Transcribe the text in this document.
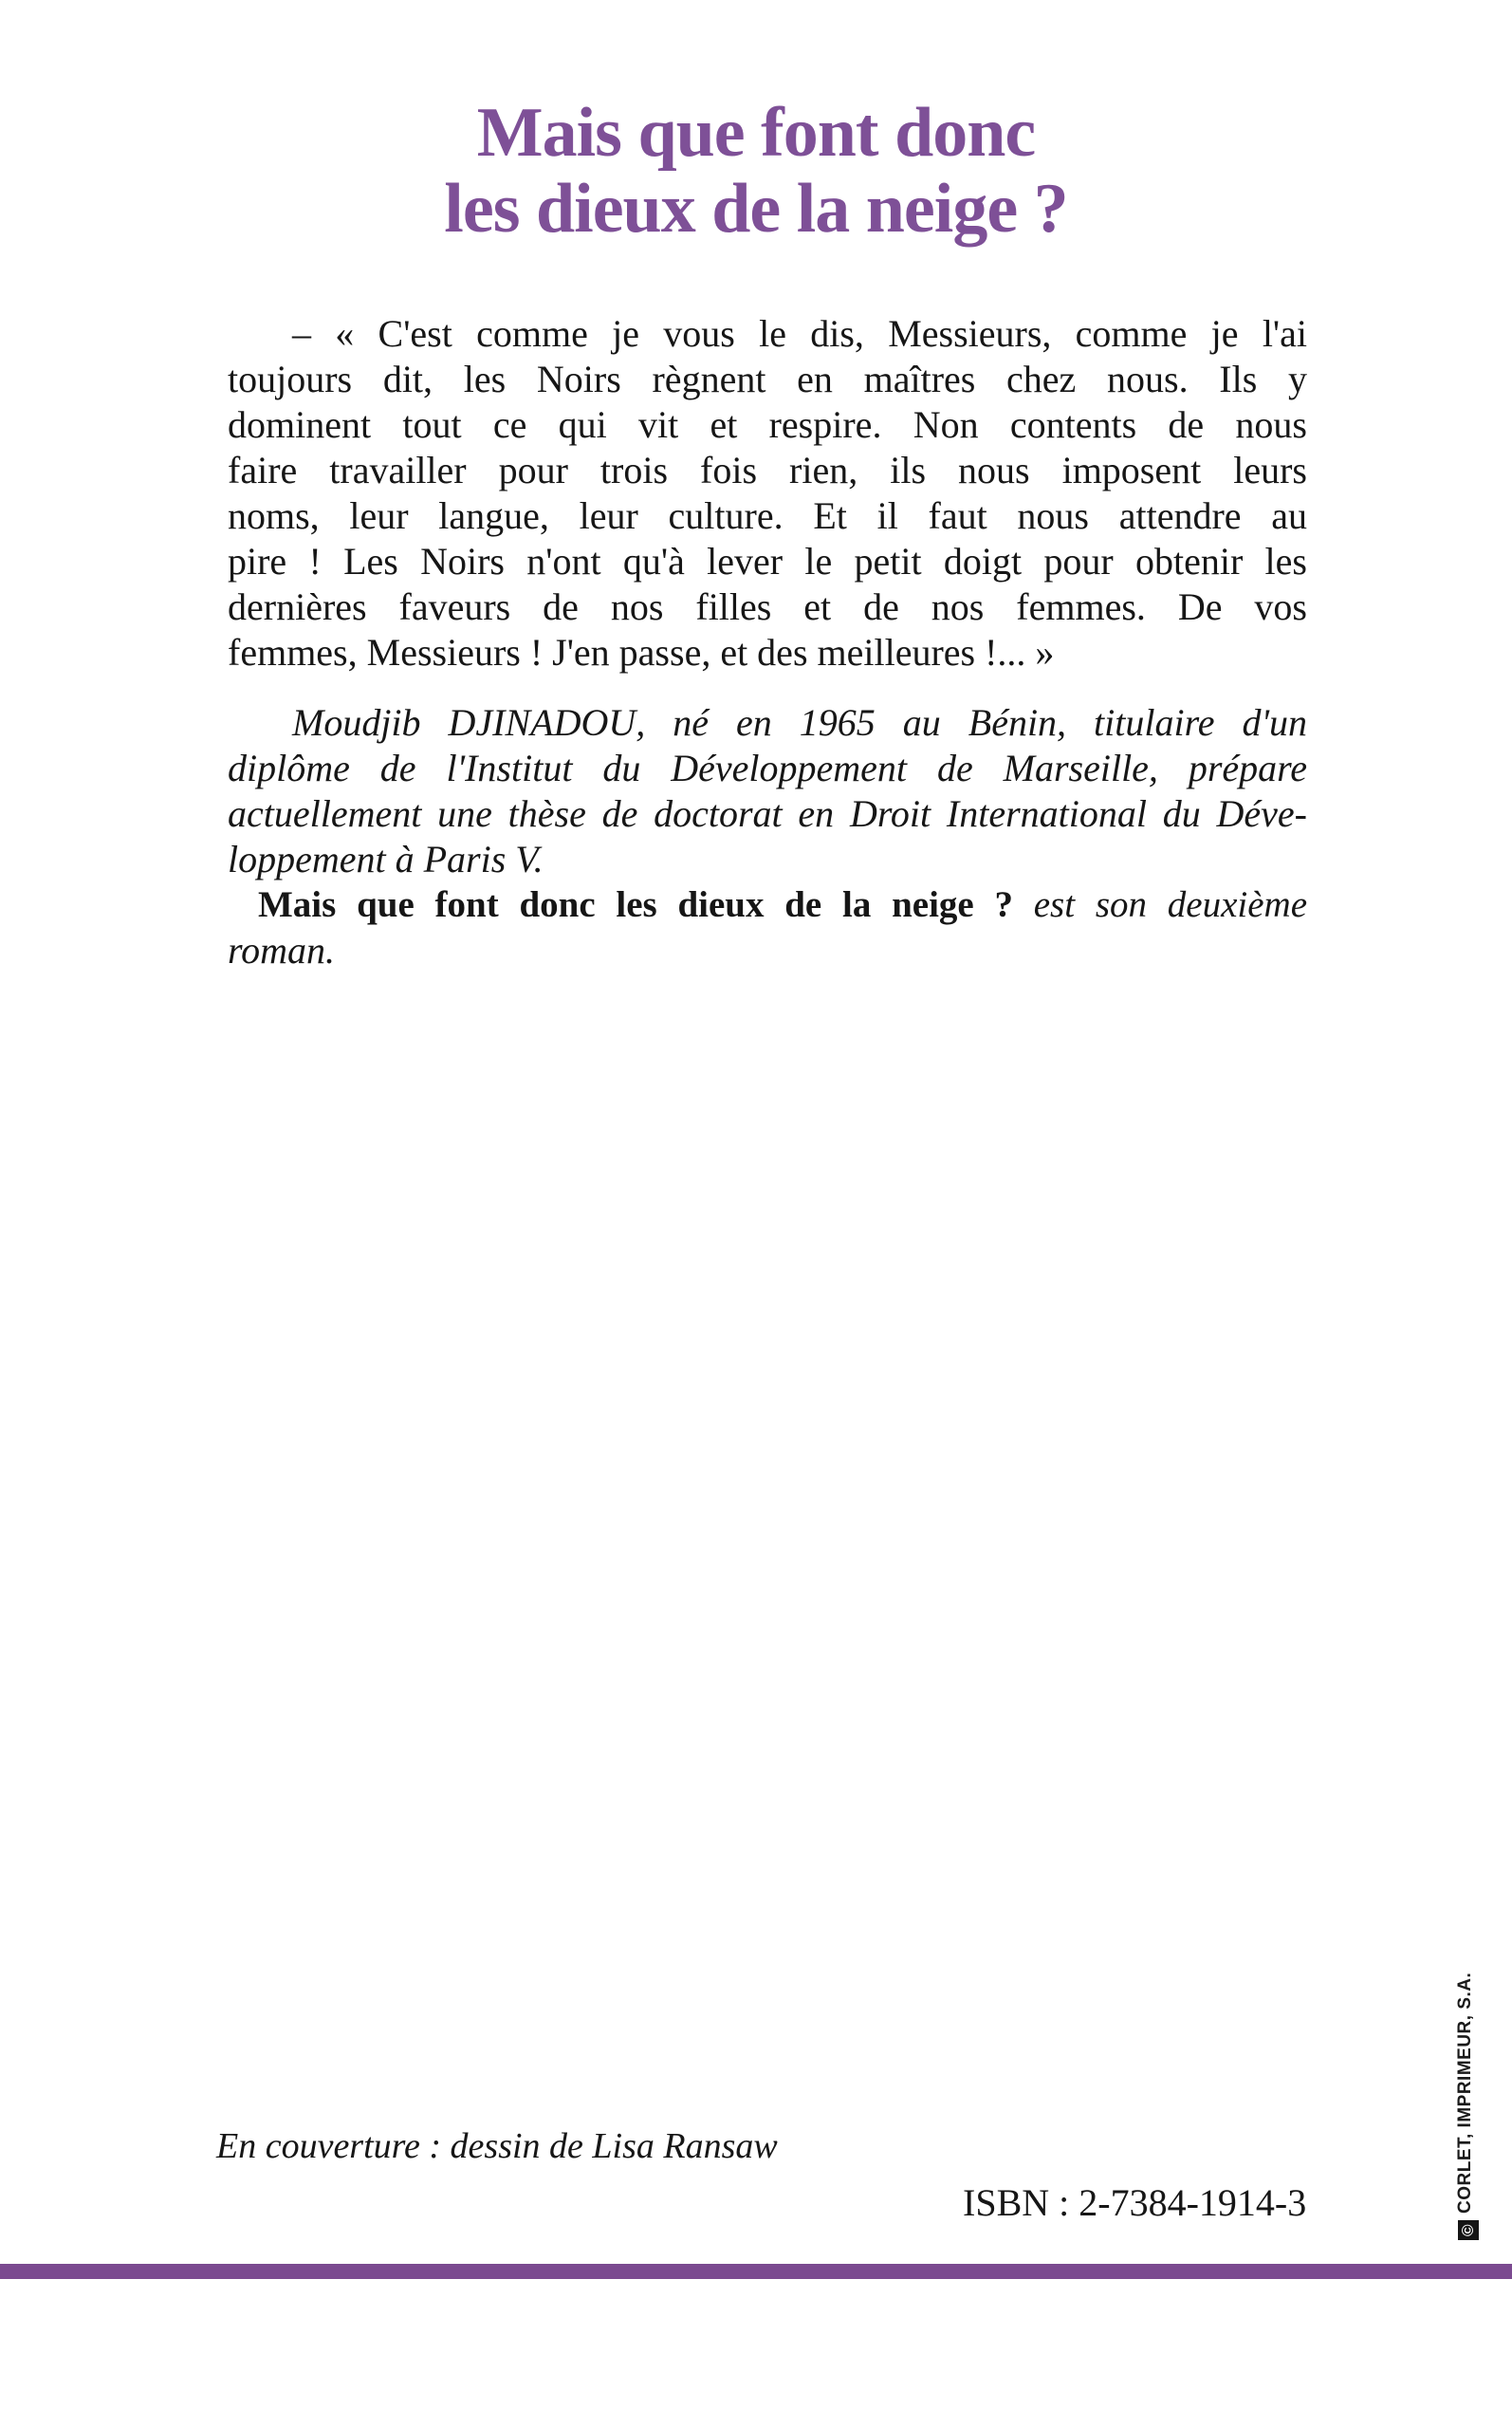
Mais que font donc
les dieux de la neige ?
– « C'est comme je vous le dis, Messieurs, comme je l'ai
toujours dit, les Noirs règnent en maîtres chez nous. Ils y
dominent tout ce qui vit et respire. Non contents de nous
faire travailler pour trois fois rien, ils nous imposent leurs
noms, leur langue, leur culture. Et il faut nous attendre au
pire ! Les Noirs n'ont qu'à lever le petit doigt pour obtenir les
dernières faveurs de nos filles et de nos femmes. De vos
femmes, Messieurs ! J'en passe, et des meilleures !... »
Moudjib DJINADOU, né en 1965 au Bénin, titulaire d'un
diplôme de l'Institut du Développement de Marseille, prépare
actuellement une thèse de doctorat en Droit International du Déve-
loppement à Paris V.
Mais que font donc les dieux de la neige ? est son deuxième
roman.
En couverture : dessin de Lisa Ransaw
ISBN : 2-7384-1914-3
©CORLET, IMPRIMEUR, S.A.
